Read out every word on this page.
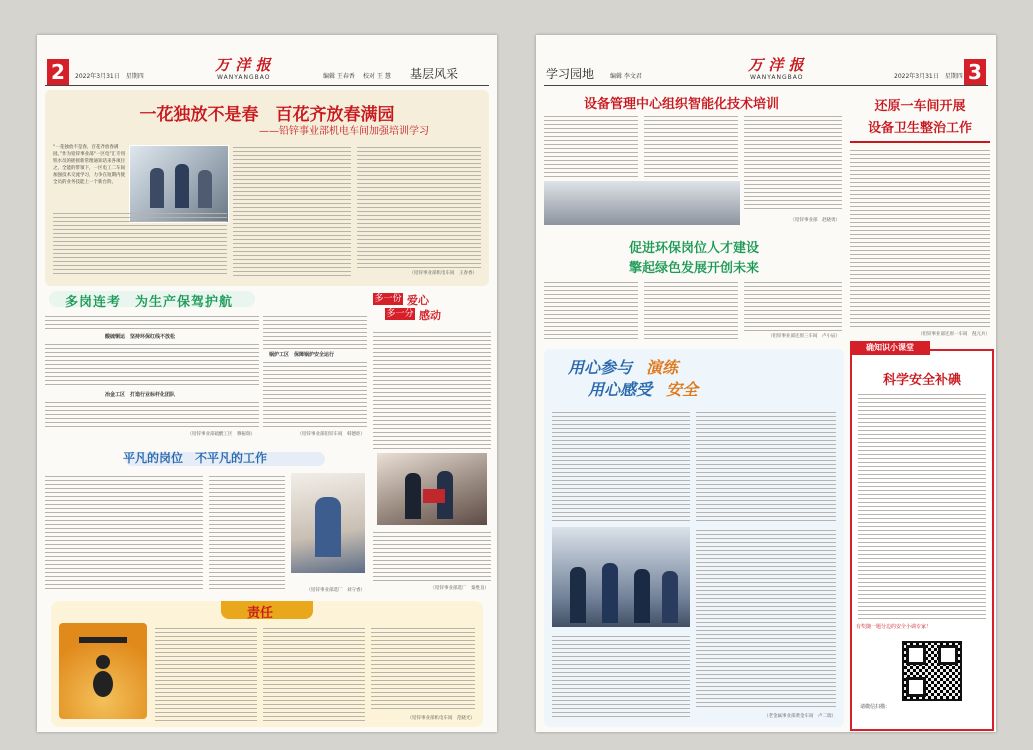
2	万 洋 报
WANYANGBAO
2022年3月31日　星期四	编辑 王春香 校对 王 慧 基层风采
一花独放不是春　百花齐放春满园
——铅锌事业部机电车间加强培训学习
“一花独放不是春，百花齐放春满园。”作为铅锌事业部“一区电”汇专用铁水员的摇摇新常理通知话来各项目之、全能的带领下，一区电工二车间加强技术交流学习，力争在短期内使全员的业务技能上一个新台阶。
（铅锌事业部机电车间　王春香）
多岗连考　为生产保驾护航
酸硫铜运　坚持环保红线不放松
冶金工区　打造行业标杆化团队
（铅锌事业部硫酸工区　穆振瑞）
锅炉工区　保障锅炉安全运行
（铅锌事业部铅锌车间　韩德炬）
多一份 爱心
多一分 感动
（铅锌事业部选厂　秦胜良）
平凡的岗位　不平凡的工作
（铅锌事业部选厂　刘守香）
责任
（铅锌事业部机电车间　范晓光）
学习园地	编辑 李文君
万 洋 报
WANYANGBAO	2022年3月31日　星期四 3
设备管理中心组织智能化技术培训
（铅锌事业部　赵晓勇）
还原一车间开展
设备卫生整治工作
（铅锌事业部还原一车间　倪元兵）
促进环保岗位人才建设
擎起绿色发展开创未来
（铅锌事业部还原三车间　卢小辰）
用心参与 演练
用心感受 安全
（老金属事业部黄金车间　卢二瑞）
确知识小课堂
科学安全补碘
有奖随一题分边的安全小调专家！
请微信扫描：
